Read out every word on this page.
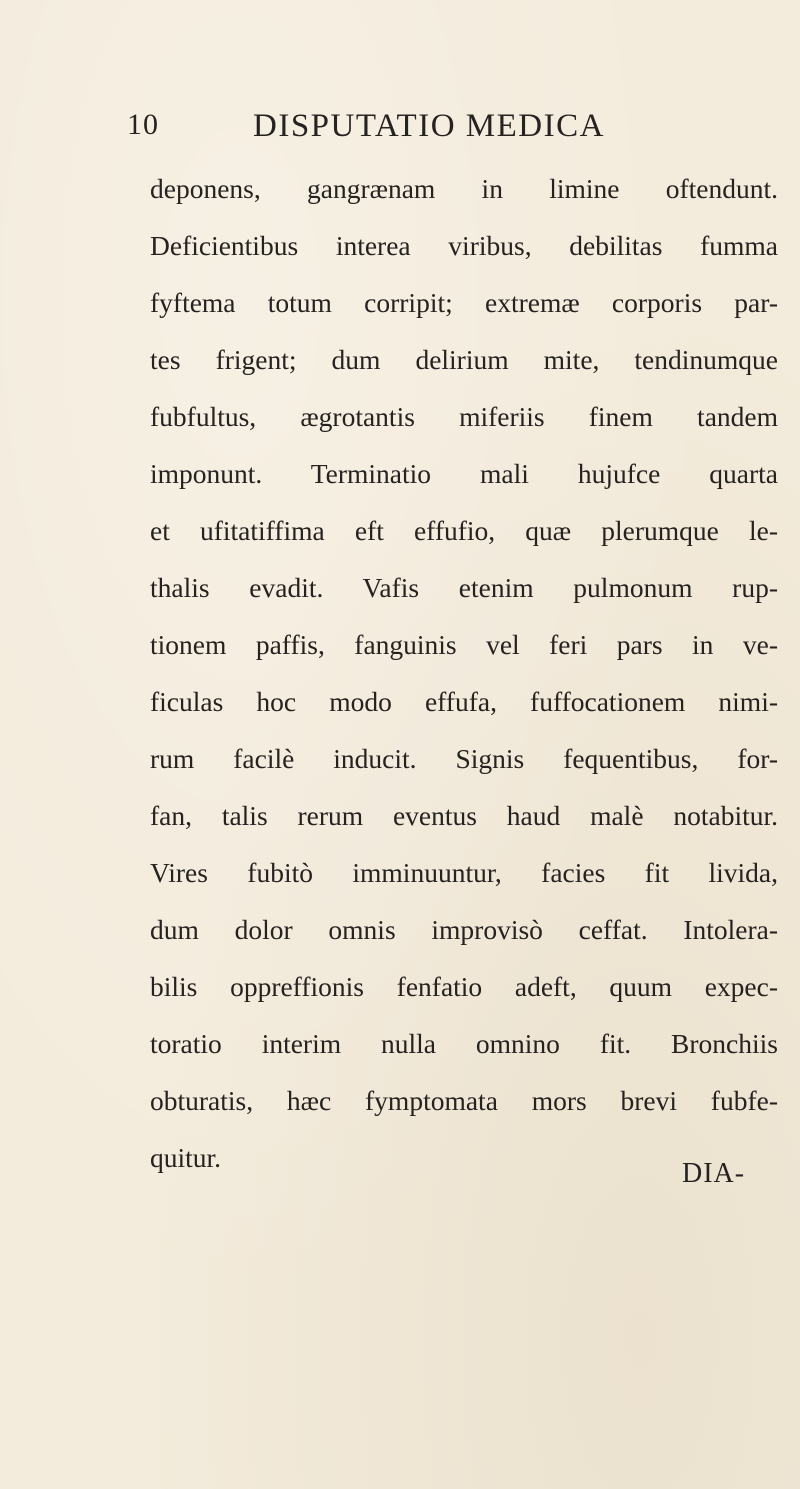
10	DISPUTATIO MEDICA
deponens, gangrænam in limine oftendunt.
Deficientibus interea viribus, debilitas fumma
fyftema totum corripit; extremæ corporis par-
tes frigent; dum delirium mite, tendinumque
fubfultus, ægrotantis miferiis finem tandem
imponunt. Terminatio mali hujufce quarta
et ufitatiffima eft effufio, quæ plerumque le-
thalis evadit. Vafis etenim pulmonum rup-
tionem paffis, fanguinis vel feri pars in ve-
ficulas hoc modo effufa, fuffocationem nimi-
rum facilè inducit. Signis fequentibus, for-
fan, talis rerum eventus haud malè notabitur.
Vires fubitò imminuuntur, facies fit livida,
dum dolor omnis improvisò ceffat. Intolera-
bilis oppreffionis fenfatio adeft, quum expec-
toratio interim nulla omnino fit. Bronchiis
obturatis, hæc fymptomata mors brevi fubfe-
quitur.
DIA-
